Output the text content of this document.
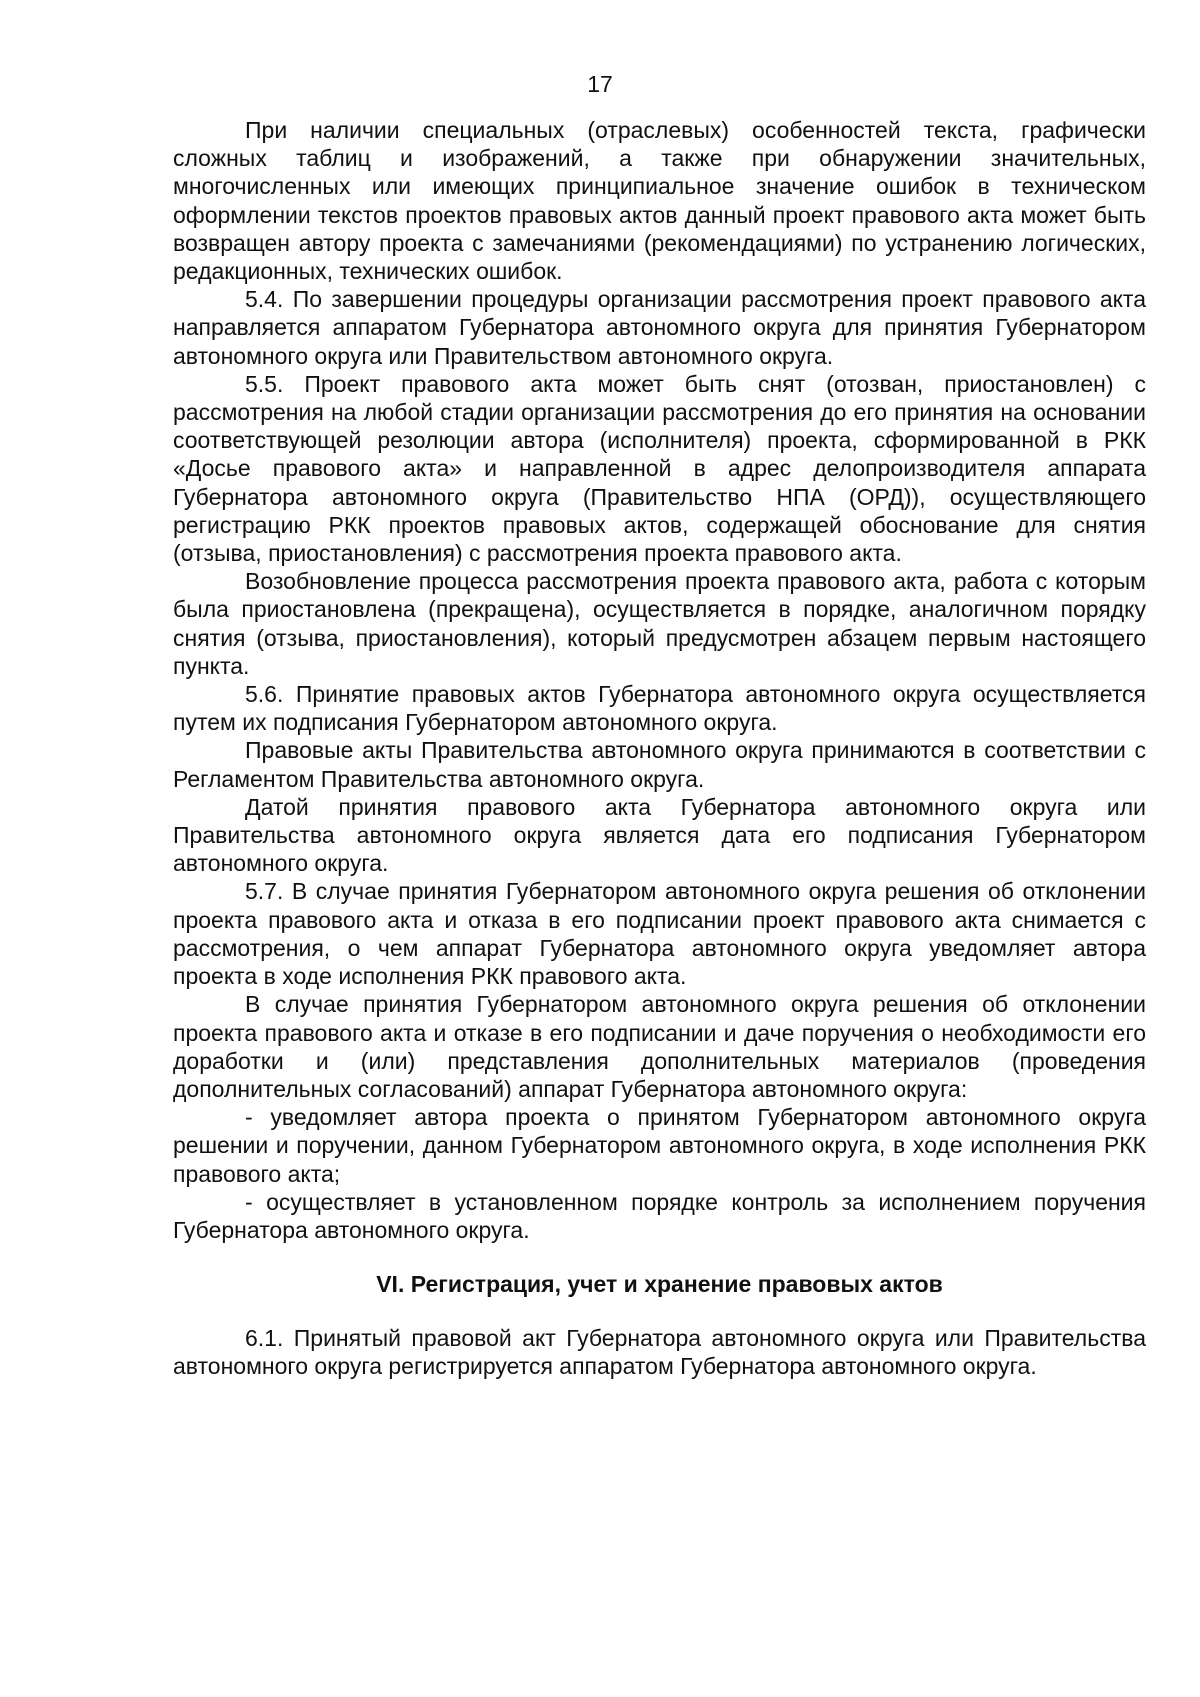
17

При наличии специальных (отраслевых) особенностей текста, графически сложных таблиц и изображений, а также при обнаружении значительных, многочисленных или имеющих принципиальное значение ошибок в техническом оформлении текстов проектов правовых актов данный проект правового акта может быть возвращен автору проекта с замечаниями (рекомендациями) по устранению логических, редакционных, технических ошибок.

5.4. По завершении процедуры организации рассмотрения проект правового акта направляется аппаратом Губернатора автономного округа для принятия Губернатором автономного округа или Правительством автономного округа.

5.5. Проект правового акта может быть снят (отозван, приостановлен) с рассмотрения на любой стадии организации рассмотрения до его принятия на основании соответствующей резолюции автора (исполнителя) проекта, сформированной в РКК «Досье правового акта» и направленной в адрес делопроизводителя аппарата Губернатора автономного округа (Правительство НПА (ОРД)), осуществляющего регистрацию РКК проектов правовых актов, содержащей обоснование для снятия (отзыва, приостановления) с рассмотрения проекта правового акта.

Возобновление процесса рассмотрения проекта правового акта, работа с которым была приостановлена (прекращена), осуществляется в порядке, аналогичном порядку снятия (отзыва, приостановления), который предусмотрен абзацем первым настоящего пункта.

5.6. Принятие правовых актов Губернатора автономного округа осуществляется путем их подписания Губернатором автономного округа.

Правовые акты Правительства автономного округа принимаются в соответствии с Регламентом Правительства автономного округа.

Датой принятия правового акта Губернатора автономного округа или Правительства автономного округа является дата его подписания Губернатором автономного округа.

5.7. В случае принятия Губернатором автономного округа решения об отклонении проекта правового акта и отказа в его подписании проект правового акта снимается с рассмотрения, о чем аппарат Губернатора автономного округа уведомляет автора проекта в ходе исполнения РКК правового акта.

В случае принятия Губернатором автономного округа решения об отклонении проекта правового акта и отказе в его подписании и даче поручения о необходимости его доработки и (или) представления дополнительных материалов (проведения дополнительных согласований) аппарат Губернатора автономного округа:

- уведомляет автора проекта о принятом Губернатором автономного округа решении и поручении, данном Губернатором автономного округа, в ходе исполнения РКК правового акта;

- осуществляет в установленном порядке контроль за исполнением поручения Губернатора автономного округа.

VI. Регистрация, учет и хранение правовых актов

6.1. Принятый правовой акт Губернатора автономного округа или Правительства автономного округа регистрируется аппаратом Губернатора автономного округа.
